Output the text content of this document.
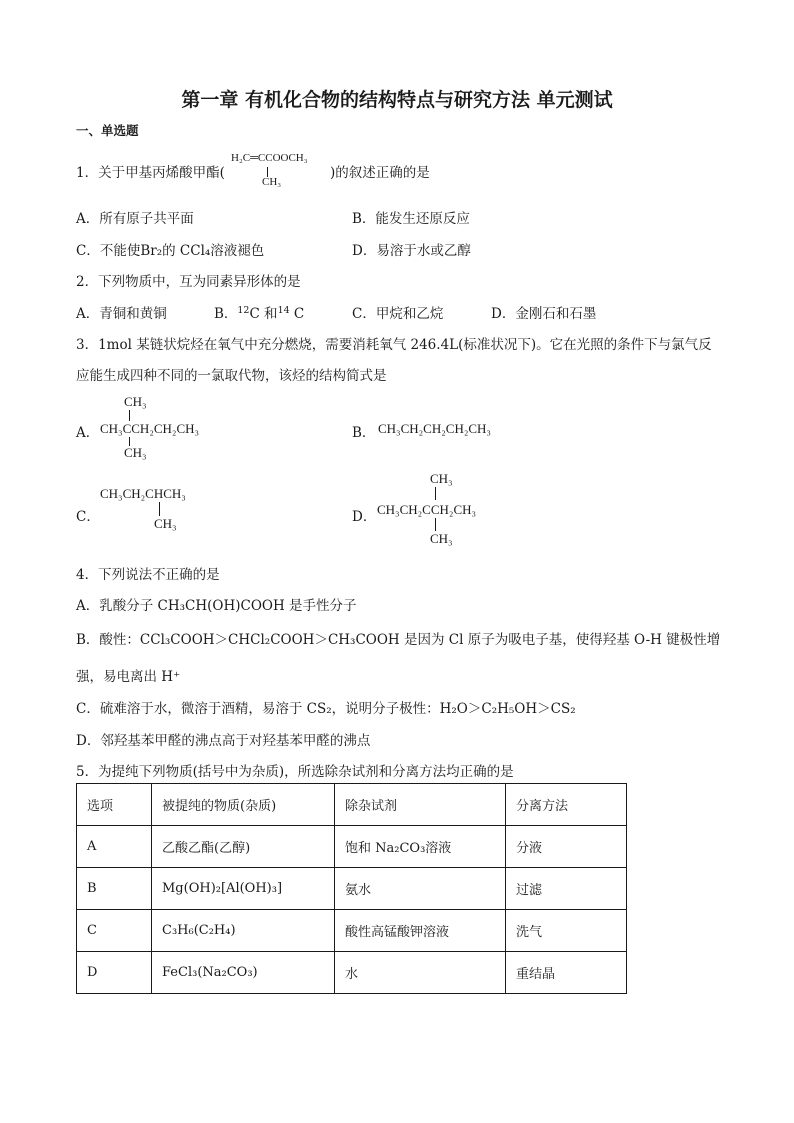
第一章 有机化合物的结构特点与研究方法 单元测试
一、单选题
1．关于甲基丙烯酸甲酯(
H₂C═CCOOCH₃
CH₃
)的叙述正确的是
A．所有原子共平面	B．能发生还原反应
C．不能使Br₂的 CCl₄溶液褪色	D．易溶于水或乙醇
2．下列物质中，互为同素异形体的是
A．青铜和黄铜	B．$^{12}$C 和$^{14}$ C	C．甲烷和乙烷	D．金刚石和石墨
3．1mol 某链状烷烃在氧气中充分燃烧，需要消耗氧气 246.4L(标准状况下)。它在光照的条件下与氯气反
应能生成四种不同的一氯取代物，该烃的结构简式是
A．
CH₃
CH₃CCH₂CH₂CH₃
CH₃
B． CH₃CH₂CH₂CH₂CH₃
C．
CH₃CH₂CHCH₃
CH₃	D．
CH₃
CH₃CH₂CCH₂CH₃
CH₃
4．下列说法不正确的是
A．乳酸分子 CH₃CH(OH)COOH 是手性分子
B．酸性：CCl₃COOH＞CHCl₂COOH＞CH₃COOH 是因为 Cl 原子为吸电子基，使得羟基 O-H 键极性增
强，易电离出 H⁺
C．硫难溶于水，微溶于酒精，易溶于 CS₂，说明分子极性：H₂O＞C₂H₅OH＞CS₂
D．邻羟基苯甲醛的沸点高于对羟基苯甲醛的沸点
5．为提纯下列物质(括号中为杂质)，所选除杂试剂和分离方法均正确的是
选项	被提纯的物质(杂质)	除杂试剂	分离方法
A	乙酸乙酯(乙醇)	饱和 Na₂CO₃溶液	分液
B	Mg(OH)₂[Al(OH)₃]	氨水	过滤
C	C₃H₆(C₂H₄)	酸性高锰酸钾溶液	洗气
D	FeCl₃(Na₂CO₃)	水	重结晶
